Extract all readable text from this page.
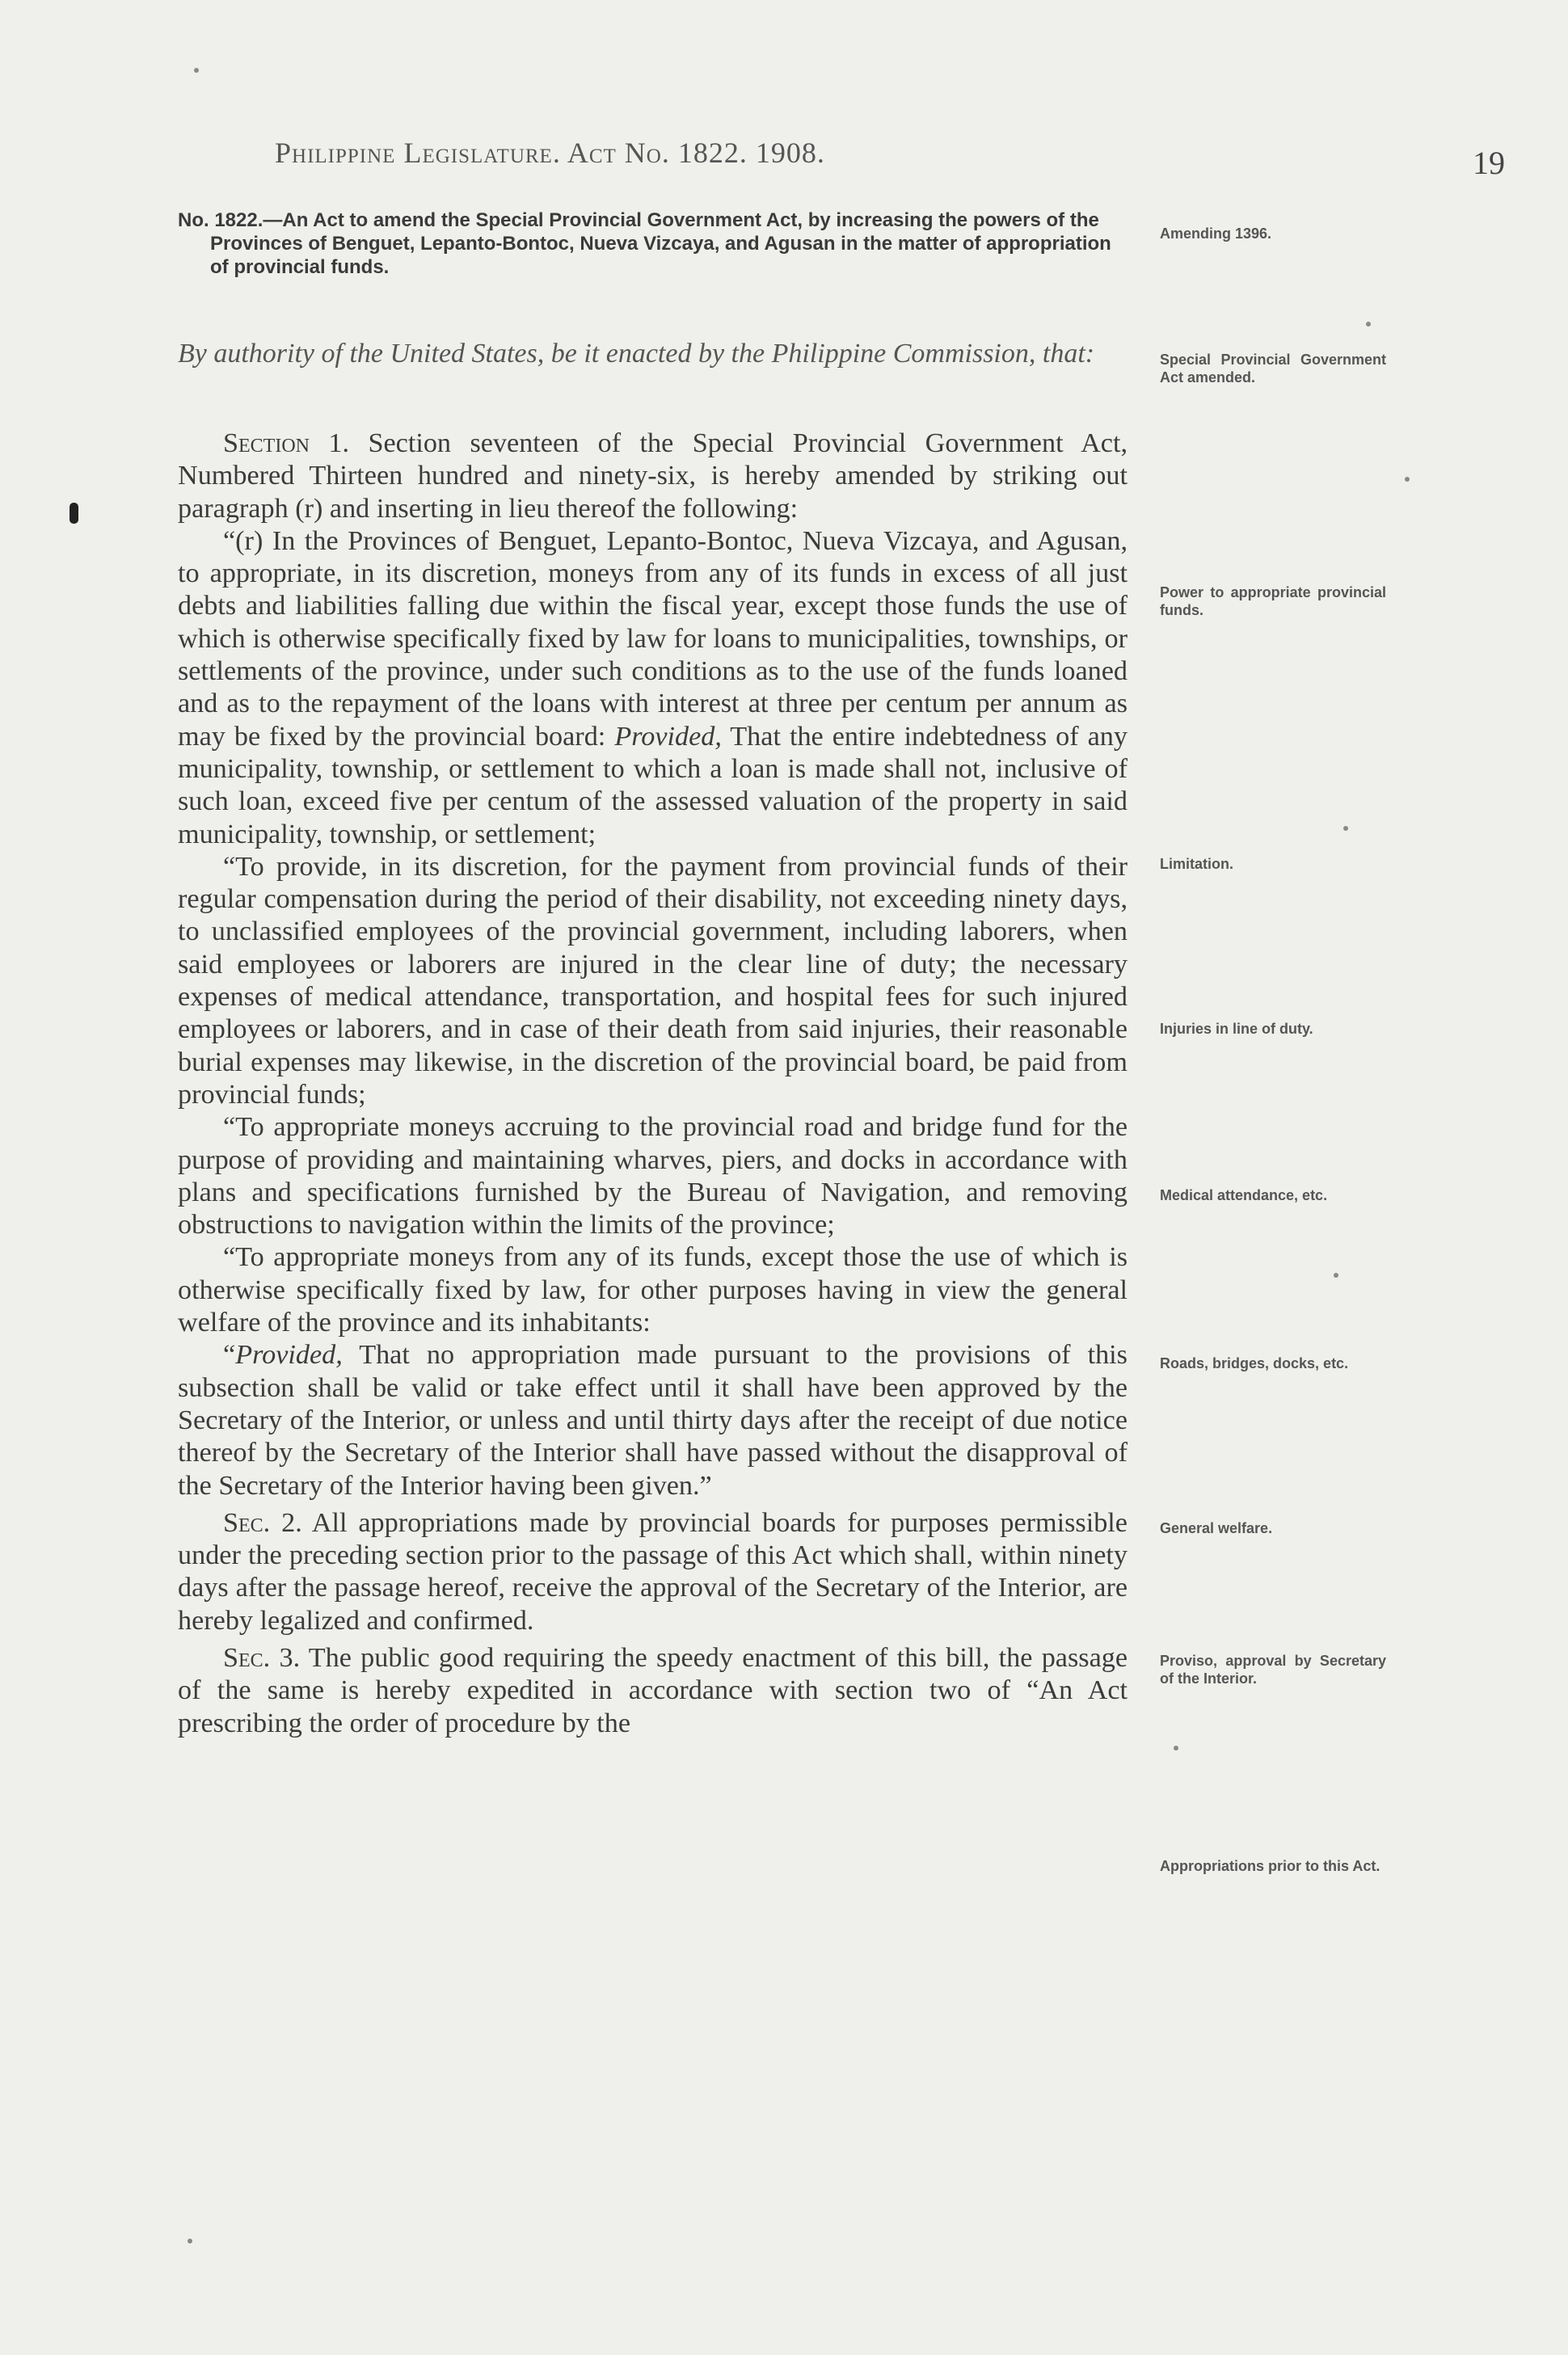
Philippine Legislature. Act No. 1822. 1908.	19
No. 1822.—An Act to amend the Special Provincial Government Act, by increasing the powers of the Provinces of Benguet, Lepanto-Bontoc, Nueva Vizcaya, and Agusan in the matter of appropriation of provincial funds.
By authority of the United States, be it enacted by the Philippine Commission, that:

Section 1. Section seventeen of the Special Provincial Government Act, Numbered Thirteen hundred and ninety-six, is hereby amended by striking out paragraph (r) and inserting in lieu thereof the following:

“(r) In the Provinces of Benguet, Lepanto-Bontoc, Nueva Vizcaya, and Agusan, to appropriate, in its discretion, moneys from any of its funds in excess of all just debts and liabilities falling due within the fiscal year, except those funds the use of which is otherwise specifically fixed by law for loans to municipalities, townships, or settlements of the province, under such conditions as to the use of the funds loaned and as to the repayment of the loans with interest at three per centum per annum as may be fixed by the provincial board: Provided, That the entire indebtedness of any municipality, township, or settlement to which a loan is made shall not, inclusive of such loan, exceed five per centum of the assessed valuation of the property in said municipality, township, or settlement;

“To provide, in its discretion, for the payment from provincial funds of their regular compensation during the period of their disability, not exceeding ninety days, to unclassified employees of the provincial government, including laborers, when said employees or laborers are injured in the clear line of duty; the necessary expenses of medical attendance, transportation, and hospital fees for such injured employees or laborers, and in case of their death from said injuries, their reasonable burial expenses may likewise, in the discretion of the provincial board, be paid from provincial funds;

“To appropriate moneys accruing to the provincial road and bridge fund for the purpose of providing and maintaining wharves, piers, and docks in accordance with plans and specifications furnished by the Bureau of Navigation, and removing obstructions to navigation within the limits of the province;

“To appropriate moneys from any of its funds, except those the use of which is otherwise specifically fixed by law, for other purposes having in view the general welfare of the province and its inhabitants:

“Provided, That no appropriation made pursuant to the provisions of this subsection shall be valid or take effect until it shall have been approved by the Secretary of the Interior, or unless and until thirty days after the receipt of due notice thereof by the Secretary of the Interior shall have passed without the disapproval of the Secretary of the Interior having been given.”

Sec. 2. All appropriations made by provincial boards for purposes permissible under the preceding section prior to the passage of this Act which shall, within ninety days after the passage hereof, receive the approval of the Secretary of the Interior, are hereby legalized and confirmed.

Sec. 3. The public good requiring the speedy enactment of this bill, the passage of the same is hereby expedited in accordance with section two of “An Act prescribing the order of procedure by the

Amending 1396.
Special Provincial Government Act amended.
Power to appropriate provincial funds.
Limitation.
Injuries in line of duty.
Medical attendance, etc.
Roads, bridges, docks, etc.
General welfare.
Proviso, approval by Secretary of the Interior.
Appropriations prior to this Act.
